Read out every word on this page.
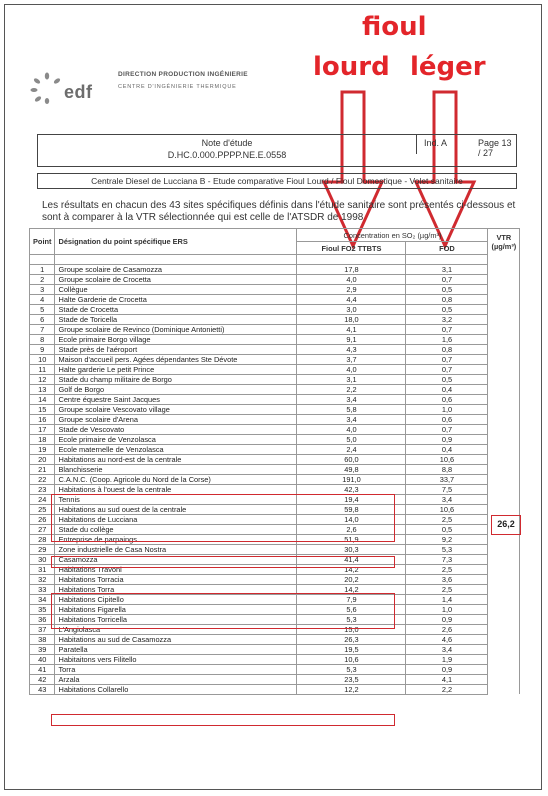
edf
DIRECTION PRODUCTION INGÉNIERIE
CENTRE D'INGÉNIERIE THERMIQUE
fioul
lourd léger
Note d'étude
D.HC.0.000.PPPP.NE.E.0558
Ind. A	Page 13 / 27
Centrale Diesel de Lucciana B - Etude comparative Fioul Lourd / Fioul Domestique - Volet sanitaire
Les résultats en chacun des 43 sites spécifiques définis dans l'étude sanitaire sont présentés ci-dessous et sont à comparer à la VTR sélectionnée qui est celle de l'ATSDR de 1998
Point	Désignation du point spécifique ERS	Concentration en SO₂ (µg/m³)		VTR (µg/m³)
		Fioul FO2 TTBTS	FOD	

1	Groupe scolaire de Casamozza	17,8	3,1	
2	Groupe scolaire de Crocetta	4,0	0,7	
3	Collègue	2,9	0,5	
4	Halte Garderie de Crocetta	4,4	0,8	
5	Stade de Crocetta	3,0	0,5	
6	Stade de Toricella	18,0	3,2	
7	Groupe scolaire de Revinco (Dominique Antonietti)	4,1	0,7	
8	Ecole primaire Borgo village	9,1	1,6	
9	Stade près de l'aéroport	4,3	0,8	
10	Maison d'accueil pers. Agées dépendantes Ste Dévote	3,7	0,7	
11	Halte garderie Le petit Prince	4,0	0,7	
12	Stade du champ militaire de Borgo	3,1	0,5	
13	Golf de Borgo	2,2	0,4	
14	Centre équestre Saint Jacques	3,4	0,6	
15	Groupe scolaire Vescovato village	5,8	1,0	
16	Groupe scolaire d'Arena	3,4	0,6	
17	Stade de Vescovato	4,0	0,7	
18	Ecole primaire de Venzolasca	5,0	0,9	
19	Ecole maternelle de Venzolasca	2,4	0,4	
20	Habitations au nord-est de la centrale	60,0	10,6	
21	Blanchisserie	49,8	8,8	
22	C.A.N.C. (Coop. Agricole du Nord de la Corse)	191,0	33,7	
23	Habitations à l'ouest de la centrale	42,3	7,5	
24	Tennis	19,4	3,4	
25	Habitations au sud ouest de la centrale	59,8	10,6	
26	Habitations de Lucciana	14,0	2,5	
27	Stade du collège	2,6	0,5	
28	Entreprise de parpaings	51,9	9,2	
29	Zone industrielle de Casa Nostra	30,3	5,3	
30	Casamozza	41,4	7,3	
31	Habitations Travoni	14,2	2,5	
32	Habitations Torracia	20,2	3,6	
33	Habitations Torra	14,2	2,5	
34	Habitations Cipitello	7,9	1,4	
35	Habitations Figarella	5,6	1,0	
36	Habitations Torricella	5,3	0,9	
37	L'Angiolasca	15,0	2,6	
38	Habitations au sud de Casamozza	26,3	4,6	
39	Paratella	19,5	3,4	
40	Habitaitons vers Filitello	10,6	1,9	
41	Torra	5,3	0,9	
42	Arzala	23,5	4,1	
43	Habitations Collarello	12,2	2,2	
26,2
